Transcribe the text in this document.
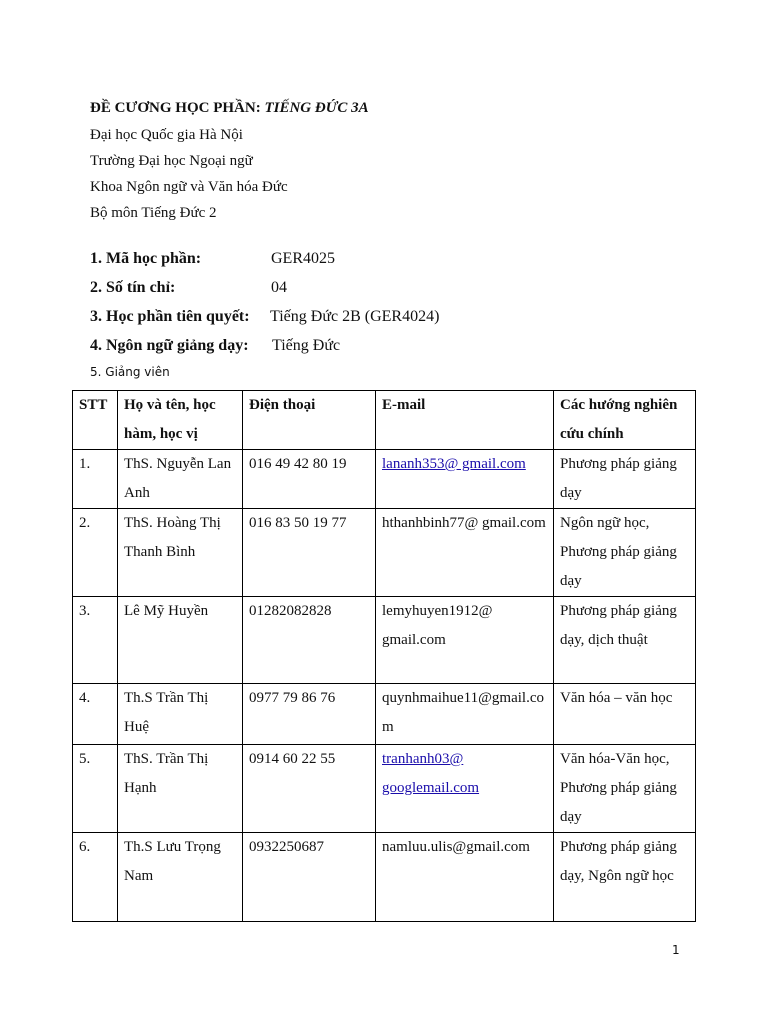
ĐỀ CƯƠNG HỌC PHẦN: TIẾNG ĐỨC 3A
Đại học Quốc gia Hà Nội
Trường Đại học Ngoại ngữ
Khoa Ngôn ngữ và Văn hóa Đức
Bộ môn Tiếng Đức 2
1. Mã học phần:	GER4025
2. Số tín chỉ:	04
3. Học phần tiên quyết: Tiếng Đức 2B (GER4024)
4. Ngôn ngữ giảng dạy: Tiếng Đức
5. Giảng viên
STT	Họ và tên, học hàm, học vị	Điện thoại	E-mail	Các hướng nghiên cứu chính
1.	ThS. Nguyễn Lan Anh	016 49 42 80 19	lananh353@ gmail.com	Phương pháp giảng dạy
2.	ThS. Hoàng Thị Thanh Bình	016 83 50 19 77	hthanhbinh77@ gmail.com	Ngôn ngữ học, Phương pháp giảng dạy
3.	Lê Mỹ Huyền	01282082828	lemyhuyen1912@ gmail.com	Phương pháp giảng dạy, dịch thuật
4.	Th.S Trần Thị Huệ	0977 79 86 76	quynhmaihue11@gmail.com	Văn hóa – văn học
5.	ThS. Trần Thị Hạnh	0914 60 22 55	tranhanh03@ googlemail.com	Văn hóa-Văn học, Phương pháp giảng dạy
6.	Th.S Lưu Trọng Nam	0932250687	namluu.ulis@gmail.com	Phương pháp giảng dạy, Ngôn ngữ học
1
